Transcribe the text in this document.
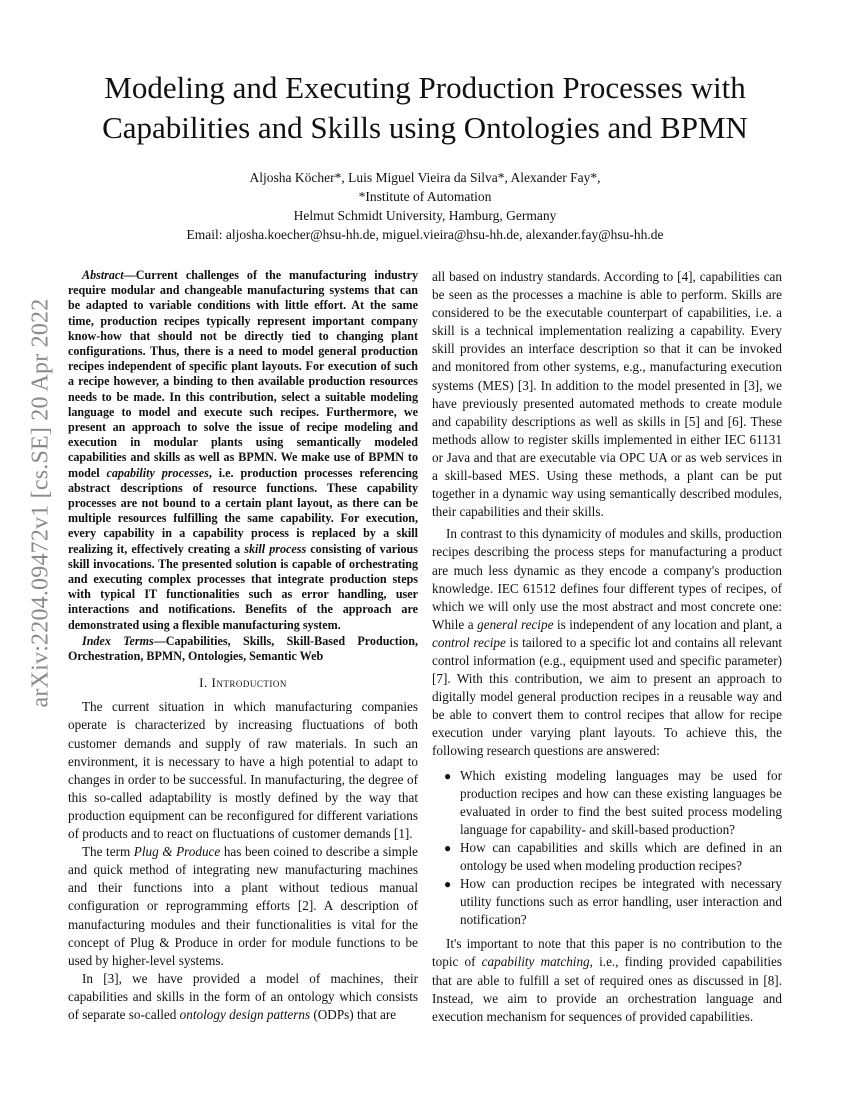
arXiv:2204.09472v1 [cs.SE] 20 Apr 2022
Modeling and Executing Production Processes with
Capabilities and Skills using Ontologies and BPMN
Aljosha Köcher*, Luis Miguel Vieira da Silva*, Alexander Fay*,
*Institute of Automation
Helmut Schmidt University, Hamburg, Germany
Email: aljosha.koecher@hsu-hh.de, miguel.vieira@hsu-hh.de, alexander.fay@hsu-hh.de

Abstract—Current challenges of the manufacturing industry require modular and changeable manufacturing systems that can be adapted to variable conditions with little effort. At the same time, production recipes typically represent important company know-how that should not be directly tied to changing plant configurations. Thus, there is a need to model general production recipes independent of specific plant layouts. For execution of such a recipe however, a binding to then available production resources needs to be made. In this contribution, select a suitable modeling language to model and execute such recipes. Furthermore, we present an approach to solve the issue of recipe modeling and execution in modular plants using semantically modeled capabilities and skills as well as BPMN. We make use of BPMN to model capability processes, i.e. production processes referencing abstract descriptions of resource functions. These capability processes are not bound to a certain plant layout, as there can be multiple resources fulfilling the same capability. For execution, every capability in a capability process is replaced by a skill realizing it, effectively creating a skill process consisting of various skill invocations. The presented solution is capable of orchestrating and executing complex processes that integrate production steps with typical IT functionalities such as error handling, user interactions and notifications. Benefits of the approach are demonstrated using a flexible manufacturing system.

Index Terms—Capabilities, Skills, Skill-Based Production, Orchestration, BPMN, Ontologies, Semantic Web

I. Introduction

The current situation in which manufacturing companies operate is characterized by increasing fluctuations of both customer demands and supply of raw materials. In such an environment, it is necessary to have a high potential to adapt to changes in order to be successful. In manufacturing, the degree of this so-called adaptability is mostly defined by the way that production equipment can be reconfigured for different variations of products and to react on fluctuations of customer demands [1].

The term Plug & Produce has been coined to describe a simple and quick method of integrating new manufacturing machines and their functions into a plant without tedious manual configuration or reprogramming efforts [2]. A description of manufacturing modules and their functionalities is vital for the concept of Plug & Produce in order for module functions to be used by higher-level systems.

In [3], we have provided a model of machines, their capabilities and skills in the form of an ontology which consists of separate so-called ontology design patterns (ODPs) that are

all based on industry standards. According to [4], capabilities can be seen as the processes a machine is able to perform. Skills are considered to be the executable counterpart of capabilities, i.e. a skill is a technical implementation realizing a capability. Every skill provides an interface description so that it can be invoked and monitored from other systems, e.g., manufacturing execution systems (MES) [3]. In addition to the model presented in [3], we have previously presented automated methods to create module and capability descriptions as well as skills in [5] and [6]. These methods allow to register skills implemented in either IEC 61131 or Java and that are executable via OPC UA or as web services in a skill-based MES. Using these methods, a plant can be put together in a dynamic way using semantically described modules, their capabilities and their skills.

In contrast to this dynamicity of modules and skills, production recipes describing the process steps for manufacturing a product are much less dynamic as they encode a company's production knowledge. IEC 61512 defines four different types of recipes, of which we will only use the most abstract and most concrete one: While a general recipe is independent of any location and plant, a control recipe is tailored to a specific lot and contains all relevant control information (e.g., equipment used and specific parameter) [7]. With this contribution, we aim to present an approach to digitally model general production recipes in a reusable way and be able to convert them to control recipes that allow for recipe execution under varying plant layouts. To achieve this, the following research questions are answered:

● Which existing modeling languages may be used for production recipes and how can these existing languages be evaluated in order to find the best suited process modeling language for capability- and skill-based production?
● How can capabilities and skills which are defined in an ontology be used when modeling production recipes?
● How can production recipes be integrated with necessary utility functions such as error handling, user interaction and notification?

It's important to note that this paper is no contribution to the topic of capability matching, i.e., finding provided capabilities that are able to fulfill a set of required ones as discussed in [8]. Instead, we aim to provide an orchestration language and execution mechanism for sequences of provided capabilities.
